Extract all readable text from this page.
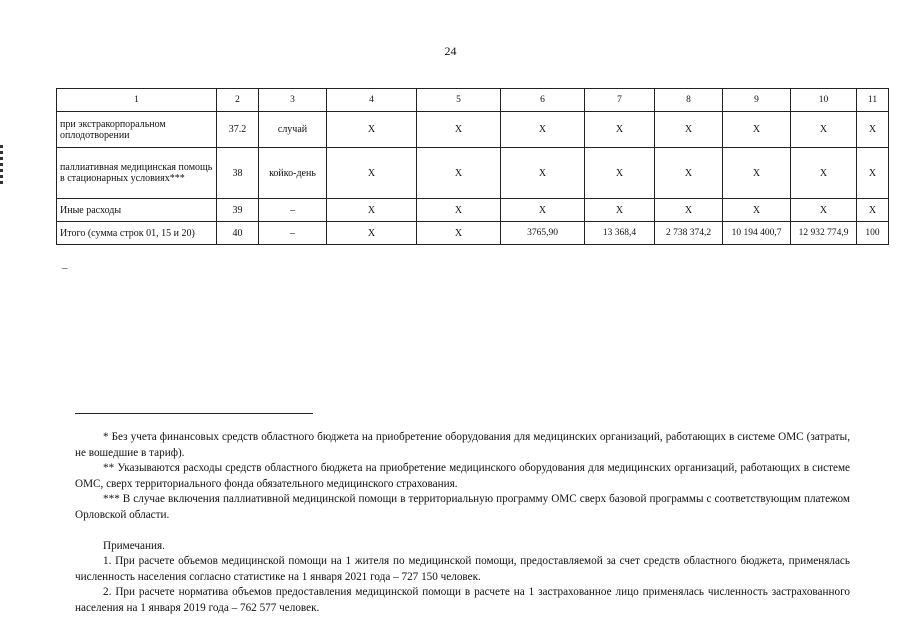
24
1	2	3	4	5	6	7	8	9	10	11
при экстракорпоральном оплодотворении	37.2	случай	Х	Х	Х	Х	Х	Х	Х	Х
паллиативная медицинская помощь в стационарных условиях***	38	койко-день	Х	Х	Х	Х	Х	Х	Х	Х
Иные расходы	39	–	Х	Х	Х	Х	Х	Х	Х	Х
Итого (сумма строк 01, 15 и 20)	40	–	Х	Х	3765,90	13 368,4	2 738 374,2	10 194 400,7	12 932 774,9	100
–

* Без учета финансовых средств областного бюджета на приобретение оборудования для медицинских организаций, работающих в системе ОМС (затраты, не вошедшие в тариф).

** Указываются расходы средств областного бюджета на приобретение медицинского оборудования для медицинских организаций, работающих в системе ОМС, сверх территориального фонда обязательного медицинского страхования.

*** В случае включения паллиативной медицинской помощи в территориальную программу ОМС сверх базовой программы с соответствующим платежом Орловской области.

Примечания.

1. При расчете объемов медицинской помощи на 1 жителя по медицинской помощи, предоставляемой за счет средств областного бюджета, применялась численность населения согласно статистике на 1 января 2021 года – 727 150 человек.

2. При расчете норматива объемов предоставления медицинской помощи в расчете на 1 застрахованное лицо применялась численность застрахованного населения на 1 января 2019 года – 762 577 человек.
